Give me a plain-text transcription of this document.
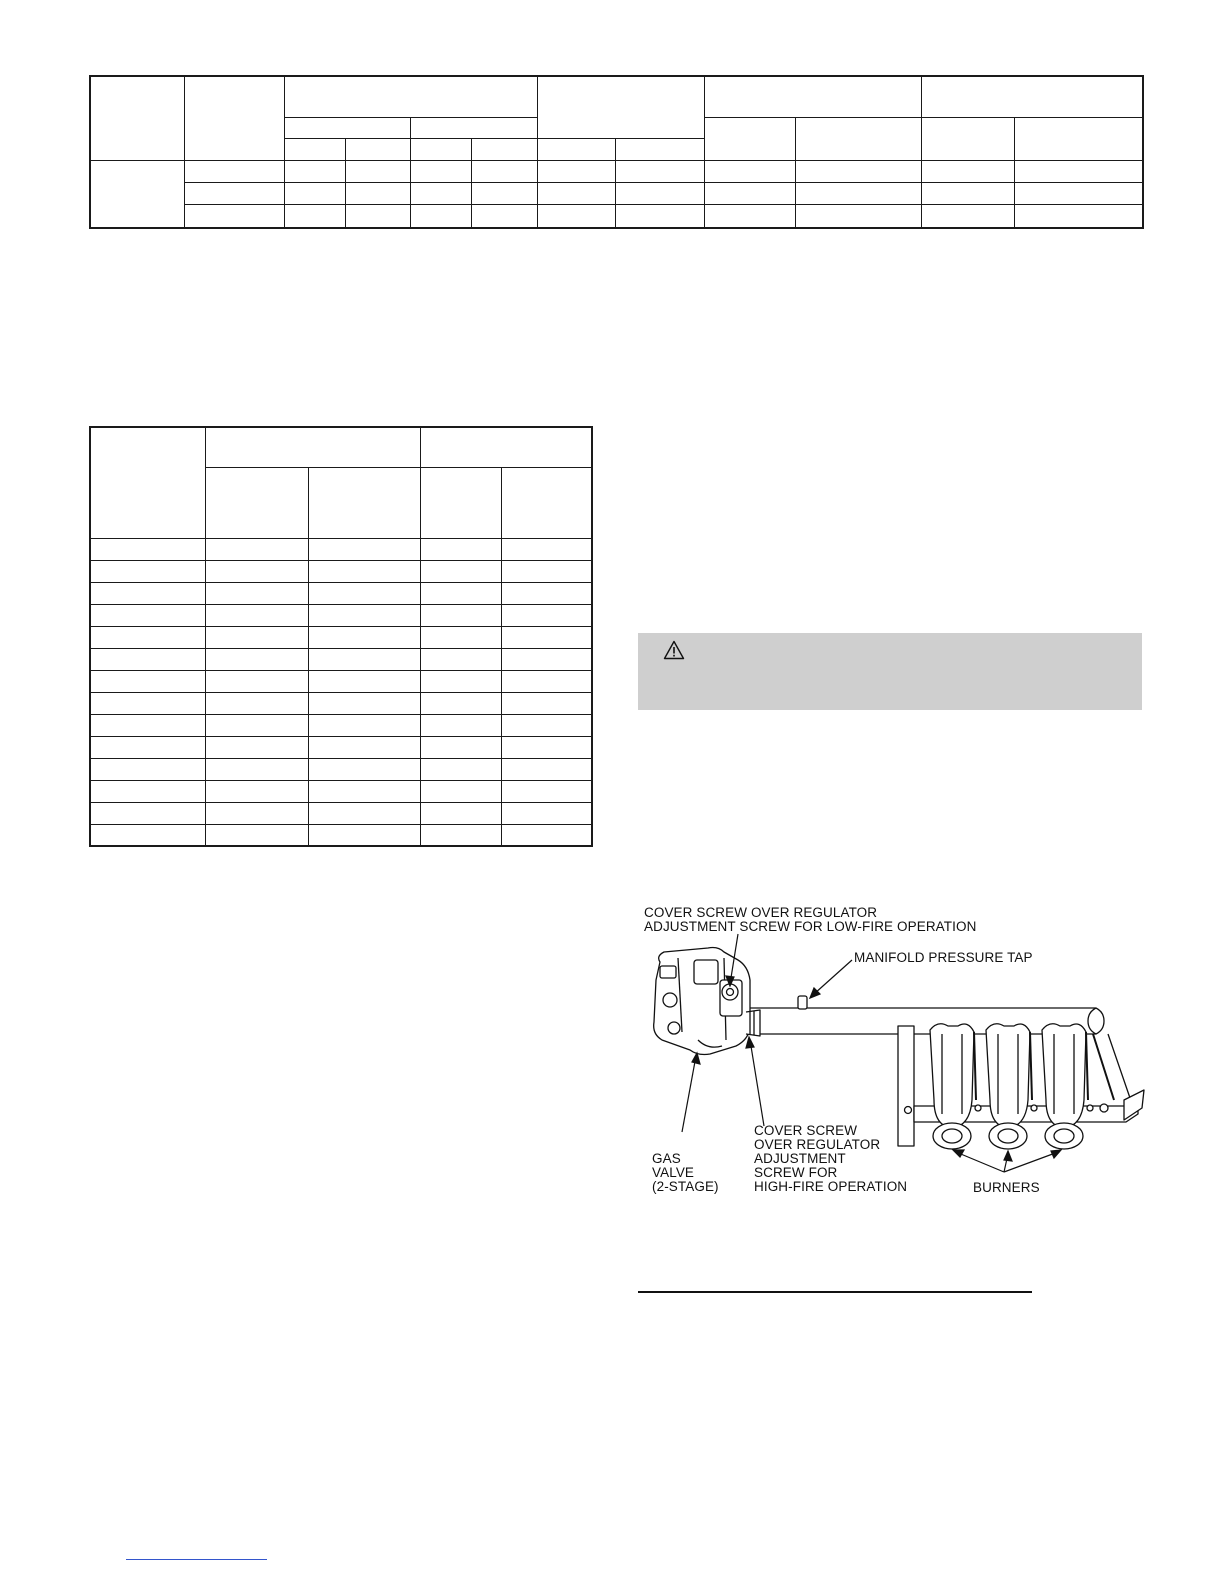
COVER SCREW OVER REGULATOR
ADJUSTMENT SCREW FOR LOW-FIRE OPERATION
MANIFOLD PRESSURE TAP
GAS
VALVE
(2-STAGE)
COVER SCREW
OVER REGULATOR
ADJUSTMENT
SCREW FOR
HIGH-FIRE OPERATION	BURNERS
